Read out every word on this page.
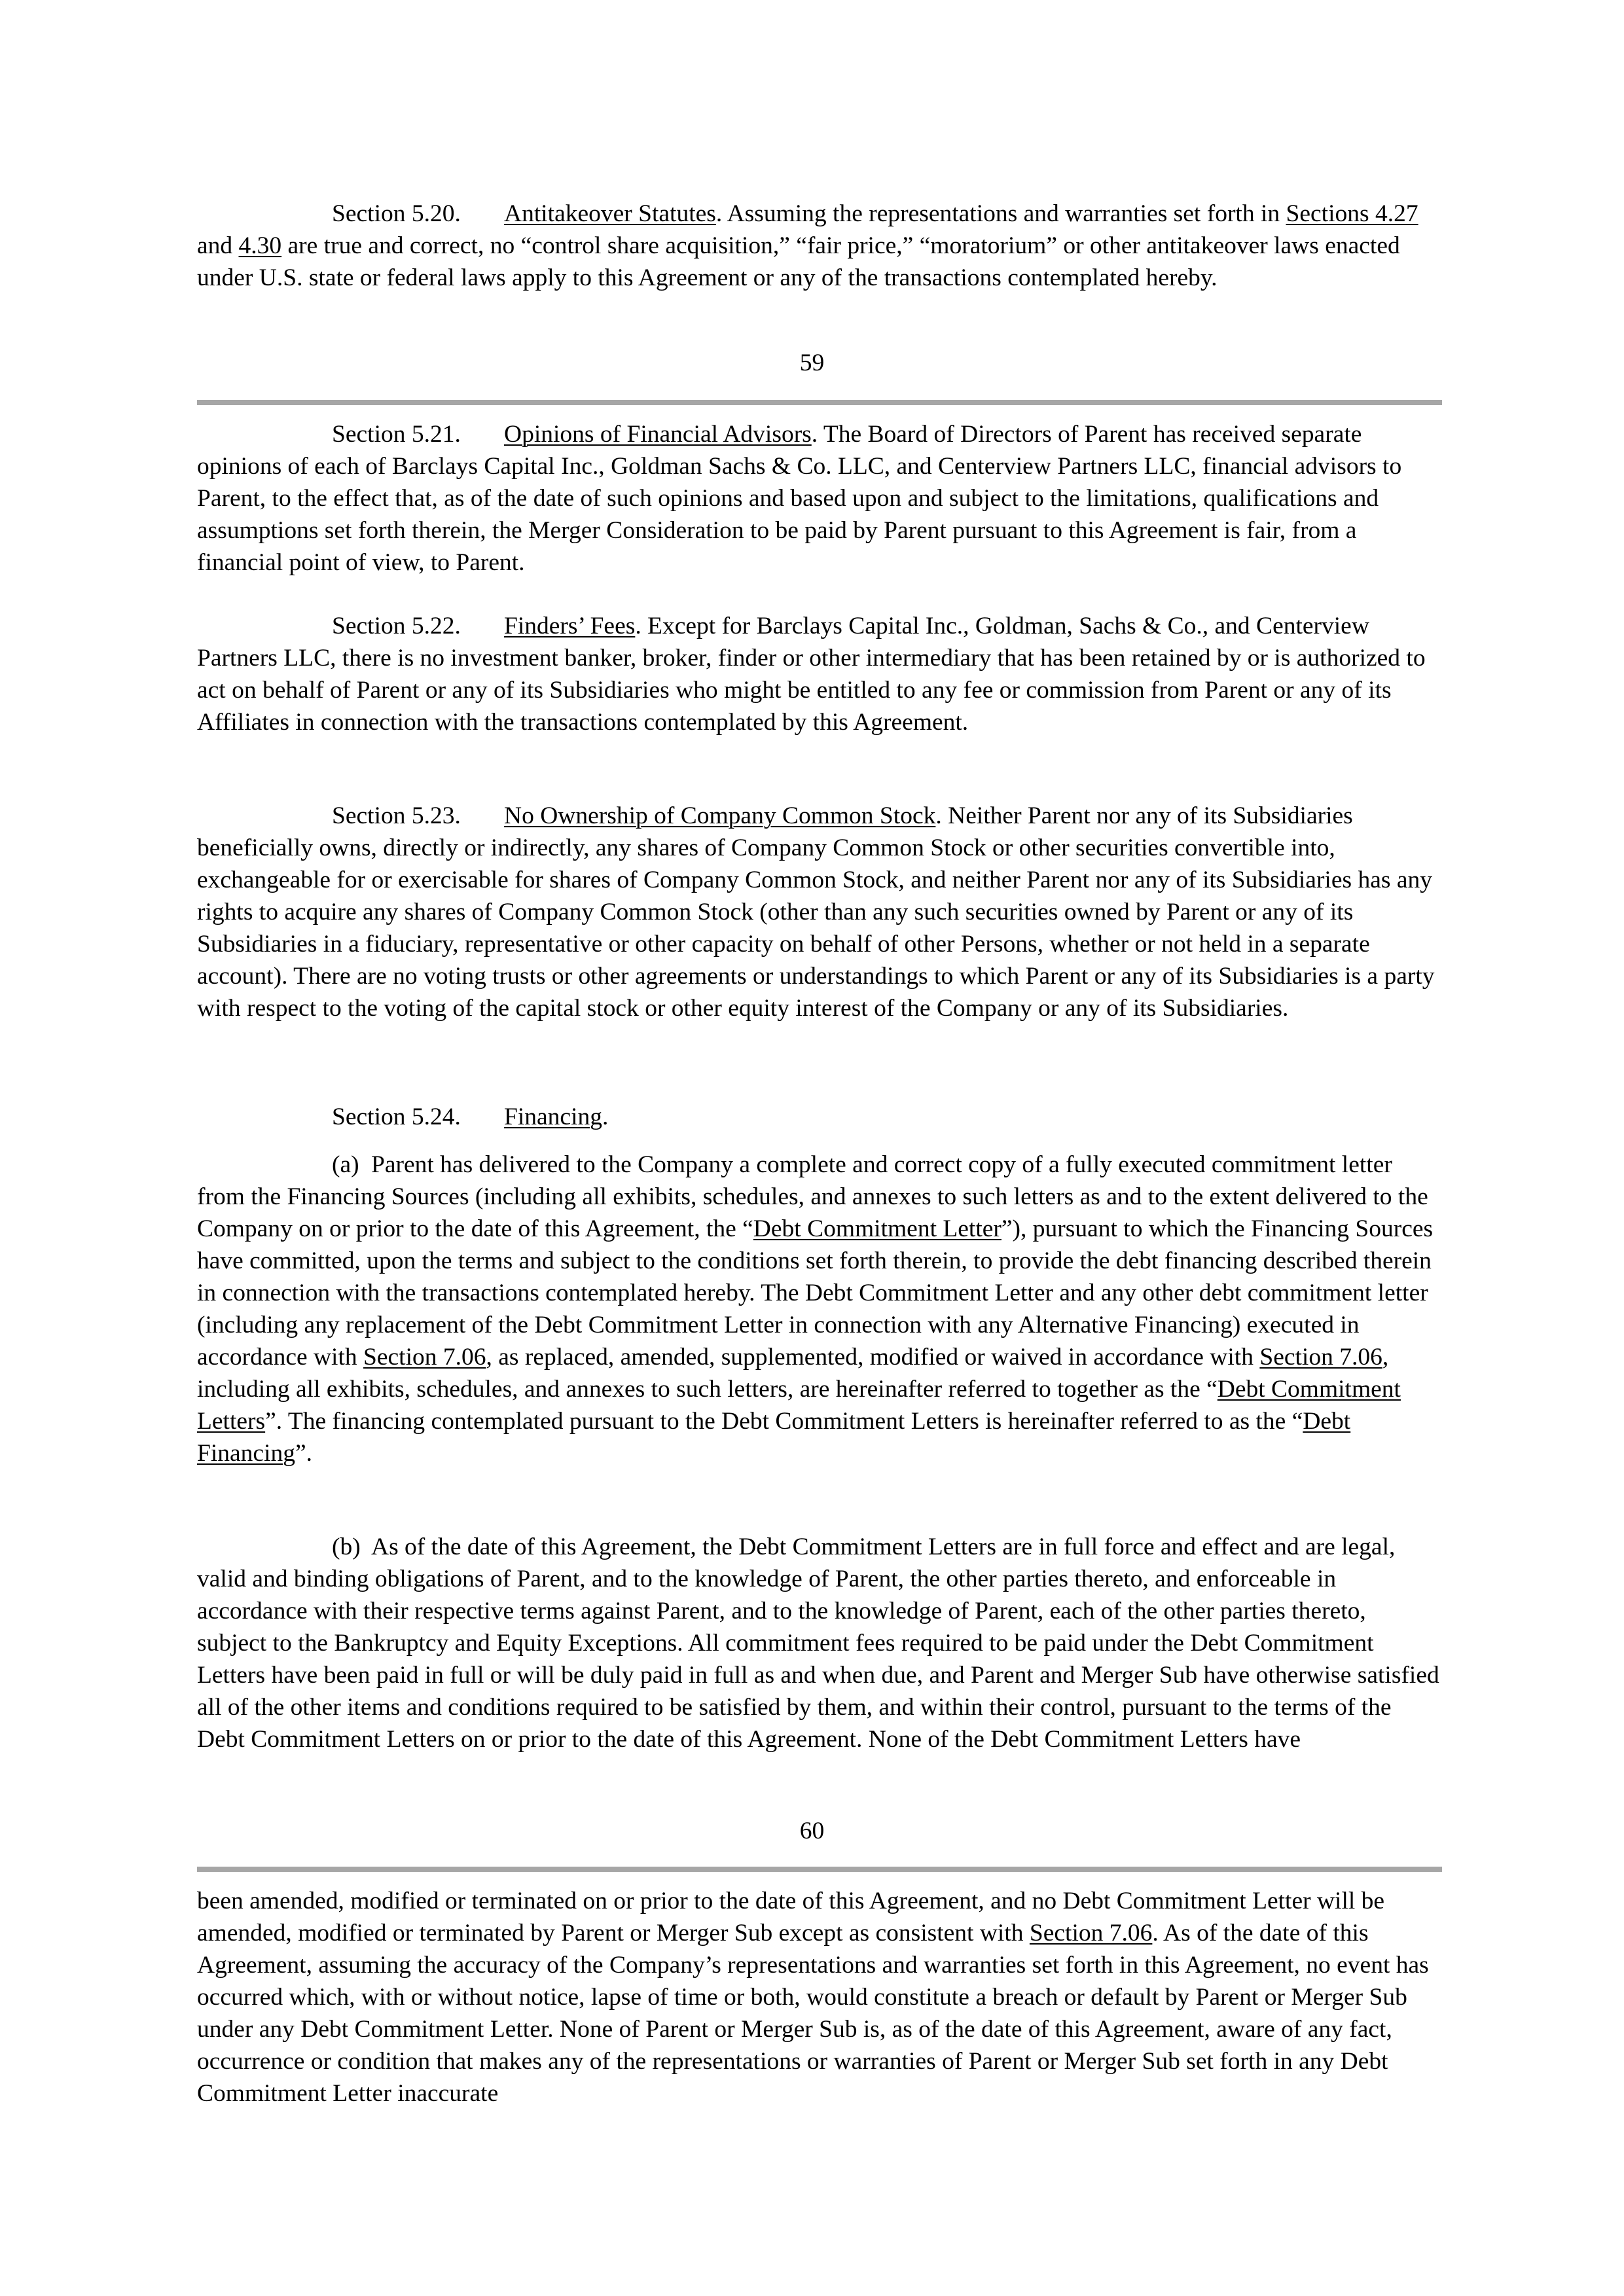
Section 5.20. Antitakeover Statutes. Assuming the representations and warranties set forth in Sections 4.27 and 4.30 are true and correct, no “control share acquisition,” “fair price,” “moratorium” or other antitakeover laws enacted under U.S. state or federal laws apply to this Agreement or any of the transactions contemplated hereby.

59

Section 5.21. Opinions of Financial Advisors. The Board of Directors of Parent has received separate opinions of each of Barclays Capital Inc., Goldman Sachs & Co. LLC, and Centerview Partners LLC, financial advisors to Parent, to the effect that, as of the date of such opinions and based upon and subject to the limitations, qualifications and assumptions set forth therein, the Merger Consideration to be paid by Parent pursuant to this Agreement is fair, from a financial point of view, to Parent.

Section 5.22. Finders’ Fees. Except for Barclays Capital Inc., Goldman, Sachs & Co., and Centerview Partners LLC, there is no investment banker, broker, finder or other intermediary that has been retained by or is authorized to act on behalf of Parent or any of its Subsidiaries who might be entitled to any fee or commission from Parent or any of its Affiliates in connection with the transactions contemplated by this Agreement.

Section 5.23. No Ownership of Company Common Stock. Neither Parent nor any of its Subsidiaries beneficially owns, directly or indirectly, any shares of Company Common Stock or other securities convertible into, exchangeable for or exercisable for shares of Company Common Stock, and neither Parent nor any of its Subsidiaries has any rights to acquire any shares of Company Common Stock (other than any such securities owned by Parent or any of its Subsidiaries in a fiduciary, representative or other capacity on behalf of other Persons, whether or not held in a separate account). There are no voting trusts or other agreements or understandings to which Parent or any of its Subsidiaries is a party with respect to the voting of the capital stock or other equity interest of the Company or any of its Subsidiaries.

Section 5.24. Financing.

(a) Parent has delivered to the Company a complete and correct copy of a fully executed commitment letter from the Financing Sources (including all exhibits, schedules, and annexes to such letters as and to the extent delivered to the Company on or prior to the date of this Agreement, the “Debt Commitment Letter”), pursuant to which the Financing Sources have committed, upon the terms and subject to the conditions set forth therein, to provide the debt financing described therein in connection with the transactions contemplated hereby. The Debt Commitment Letter and any other debt commitment letter (including any replacement of the Debt Commitment Letter in connection with any Alternative Financing) executed in accordance with Section 7.06, as replaced, amended, supplemented, modified or waived in accordance with Section 7.06, including all exhibits, schedules, and annexes to such letters, are hereinafter referred to together as the “Debt Commitment Letters”. The financing contemplated pursuant to the Debt Commitment Letters is hereinafter referred to as the “Debt Financing”.

(b) As of the date of this Agreement, the Debt Commitment Letters are in full force and effect and are legal, valid and binding obligations of Parent, and to the knowledge of Parent, the other parties thereto, and enforceable in accordance with their respective terms against Parent, and to the knowledge of Parent, each of the other parties thereto, subject to the Bankruptcy and Equity Exceptions. All commitment fees required to be paid under the Debt Commitment Letters have been paid in full or will be duly paid in full as and when due, and Parent and Merger Sub have otherwise satisfied all of the other items and conditions required to be satisfied by them, and within their control, pursuant to the terms of the Debt Commitment Letters on or prior to the date of this Agreement. None of the Debt Commitment Letters have

60

been amended, modified or terminated on or prior to the date of this Agreement, and no Debt Commitment Letter will be amended, modified or terminated by Parent or Merger Sub except as consistent with Section 7.06. As of the date of this Agreement, assuming the accuracy of the Company’s representations and warranties set forth in this Agreement, no event has occurred which, with or without notice, lapse of time or both, would constitute a breach or default by Parent or Merger Sub under any Debt Commitment Letter. None of Parent or Merger Sub is, as of the date of this Agreement, aware of any fact, occurrence or condition that makes any of the representations or warranties of Parent or Merger Sub set forth in any Debt Commitment Letter inaccurate
